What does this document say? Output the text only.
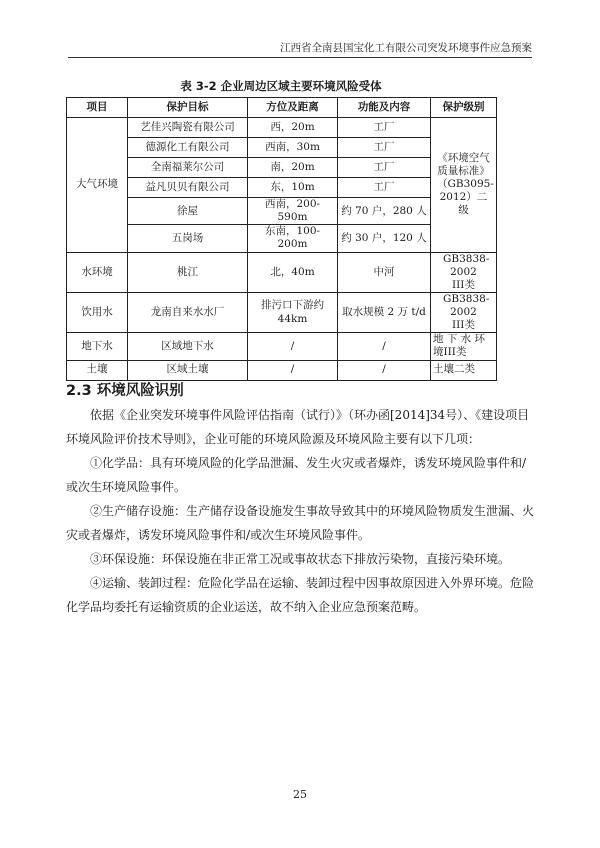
江西省全南县国宝化工有限公司突发环境事件应急预案
表 3-2 企业周边区域主要环境风险受体
项目	保护目标	方位及距离	功能及内容	保护级别
大气环境	艺佳兴陶瓷有限公司	西，20m	工厂	《环境空气质量标准》（GB3095-2012）二级
	德源化工有限公司	西南，30m	工厂	
	全南福莱尔公司	南，20m	工厂	
	益凡贝贝有限公司	东，10m	工厂	
	徐屋	西南，200-590m	约 70 户，280 人	
	五岗场	东南，100-200m	约 30 户，120 人	
水环境	桃江	北，40m	中河	GB3838-2002 III类
饮用水	龙南自来水水厂	排污口下游约44km	取水规模 2 万 t/d	GB3838-2002 III类
地下水	区域地下水	/	/	地 下 水 环 境III类
土壤	区域土壤	/	/	土壤二类
2.3 环境风险识别

依据《企业突发环境事件风险评估指南（试行）》（环办函[2014]34号）、《建设项目环境风险评价技术导则》，企业可能的环境风险源及环境风险主要有以下几项：

①化学品：具有环境风险的化学品泄漏、发生火灾或者爆炸，诱发环境风险事件和/或次生环境风险事件。

②生产储存设施：生产储存设备设施发生事故导致其中的环境风险物质发生泄漏、火灾或者爆炸，诱发环境风险事件和/或次生环境风险事件。

③环保设施：环保设施在非正常工况或事故状态下排放污染物，直接污染环境。

④运输、装卸过程：危险化学品在运输、装卸过程中因事故原因进入外界环境。危险化学品均委托有运输资质的企业运送，故不纳入企业应急预案范畴。

25
